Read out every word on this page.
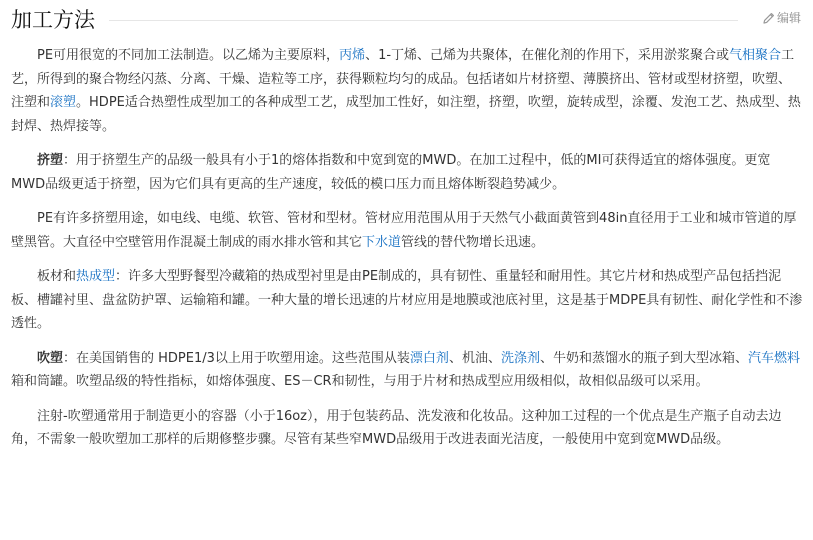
加工方法	编辑

PE可用很宽的不同加工法制造。以乙烯为主要原料，丙烯、1-丁烯、己烯为共聚体，在催化剂的作用下，采用淤浆聚合或气相聚合工艺，所得到的聚合物经闪蒸、分离、干燥、造粒等工序，获得颗粒均匀的成品。包括诸如片材挤塑、薄膜挤出、管材或型材挤塑，吹塑、注塑和滚塑。HDPE适合热塑性成型加工的各种成型工艺，成型加工性好，如注塑，挤塑，吹塑，旋转成型，涂覆、发泡工艺、热成型、热封焊、热焊接等。

挤塑：用于挤塑生产的品级一般具有小于1的熔体指数和中宽到宽的MWD。在加工过程中，低的MI可获得适宜的熔体强度。更宽MWD品级更适于挤塑，因为它们具有更高的生产速度，较低的模口压力而且熔体断裂趋势减少。

PE有许多挤塑用途，如电线、电缆、软管、管材和型材。管材应用范围从用于天然气小截面黄管到48in直径用于工业和城市管道的厚壁黑管。大直径中空壁管用作混凝土制成的雨水排水管和其它下水道管线的替代物增长迅速。

板材和热成型：许多大型野餐型冷藏箱的热成型衬里是由PE制成的，具有韧性、重量轻和耐用性。其它片材和热成型产品包括挡泥板、槽罐衬里、盘盆防护罩、运输箱和罐。一种大量的增长迅速的片材应用是地膜或池底衬里，这是基于MDPE具有韧性、耐化学性和不渗透性。

吹塑：在美国销售的 HDPE1/3以上用于吹塑用途。这些范围从装漂白剂、机油、洗涤剂、牛奶和蒸馏水的瓶子到大型冰箱、汽车燃料箱和筒罐。吹塑品级的特性指标，如熔体强度、ES－CR和韧性，与用于片材和热成型应用级相似，故相似品级可以采用。

注射-吹塑通常用于制造更小的容器（小于16oz），用于包装药品、洗发液和化妆品。这种加工过程的一个优点是生产瓶子自动去边角，不需象一般吹塑加工那样的后期修整步骤。尽管有某些窄MWD品级用于改进表面光洁度，一般使用中宽到宽MWD品级。
